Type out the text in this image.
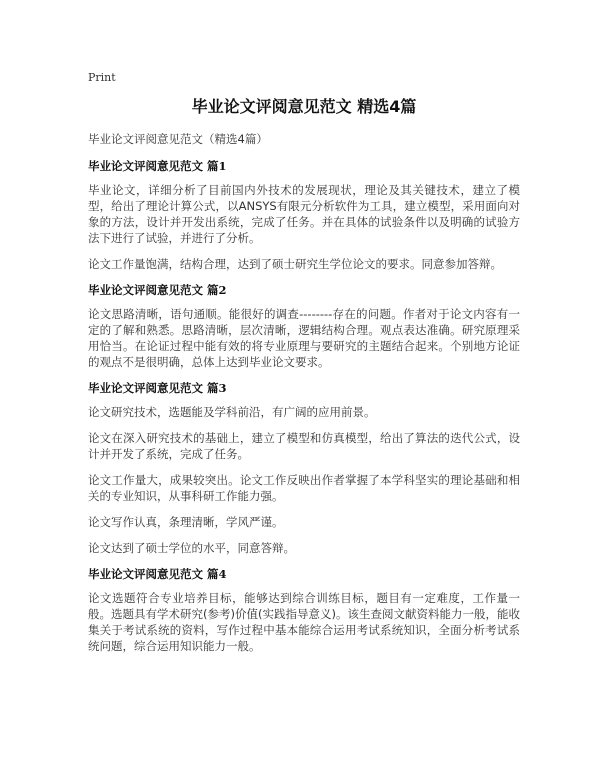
Print
毕业论文评阅意见范文 精选4篇

毕业论文评阅意见范文（精选4篇）

毕业论文评阅意见范文 篇1

毕业论文，详细分析了目前国内外技术的发展现状，理论及其关键技术，建立了模型，给出了理论计算公式，以ANSYS有限元分析软件为工具，建立模型，采用面向对象的方法，设计并开发出系统，完成了任务。并在具体的试验条件以及明确的试验方法下进行了试验，并进行了分析。

论文工作量饱满，结构合理，达到了硕士研究生学位论文的要求。同意参加答辩。

毕业论文评阅意见范文 篇2

论文思路清晰，语句通顺。能很好的调查--------存在的问题。作者对于论文内容有一定的了解和熟悉。思路清晰，层次清晰，逻辑结构合理。观点表达准确。研究原理采用恰当。在论证过程中能有效的将专业原理与要研究的主题结合起来。个别地方论证的观点不是很明确，总体上达到毕业论文要求。

毕业论文评阅意见范文 篇3

论文研究技术，选题能及学科前沿，有广阔的应用前景。

论文在深入研究技术的基础上，建立了模型和仿真模型，给出了算法的迭代公式，设计并开发了系统，完成了任务。

论文工作量大，成果较突出。论文工作反映出作者掌握了本学科坚实的理论基础和相关的专业知识，从事科研工作能力强。

论文写作认真，条理清晰，学风严谨。

论文达到了硕士学位的水平，同意答辩。

毕业论文评阅意见范文 篇4

论文选题符合专业培养目标，能够达到综合训练目标，题目有一定难度，工作量一般。选题具有学术研究(参考)价值(实践指导意义)。该生查阅文献资料能力一般，能收集关于考试系统的资料，写作过程中基本能综合运用考试系统知识，全面分析考试系统问题，综合运用知识能力一般。
